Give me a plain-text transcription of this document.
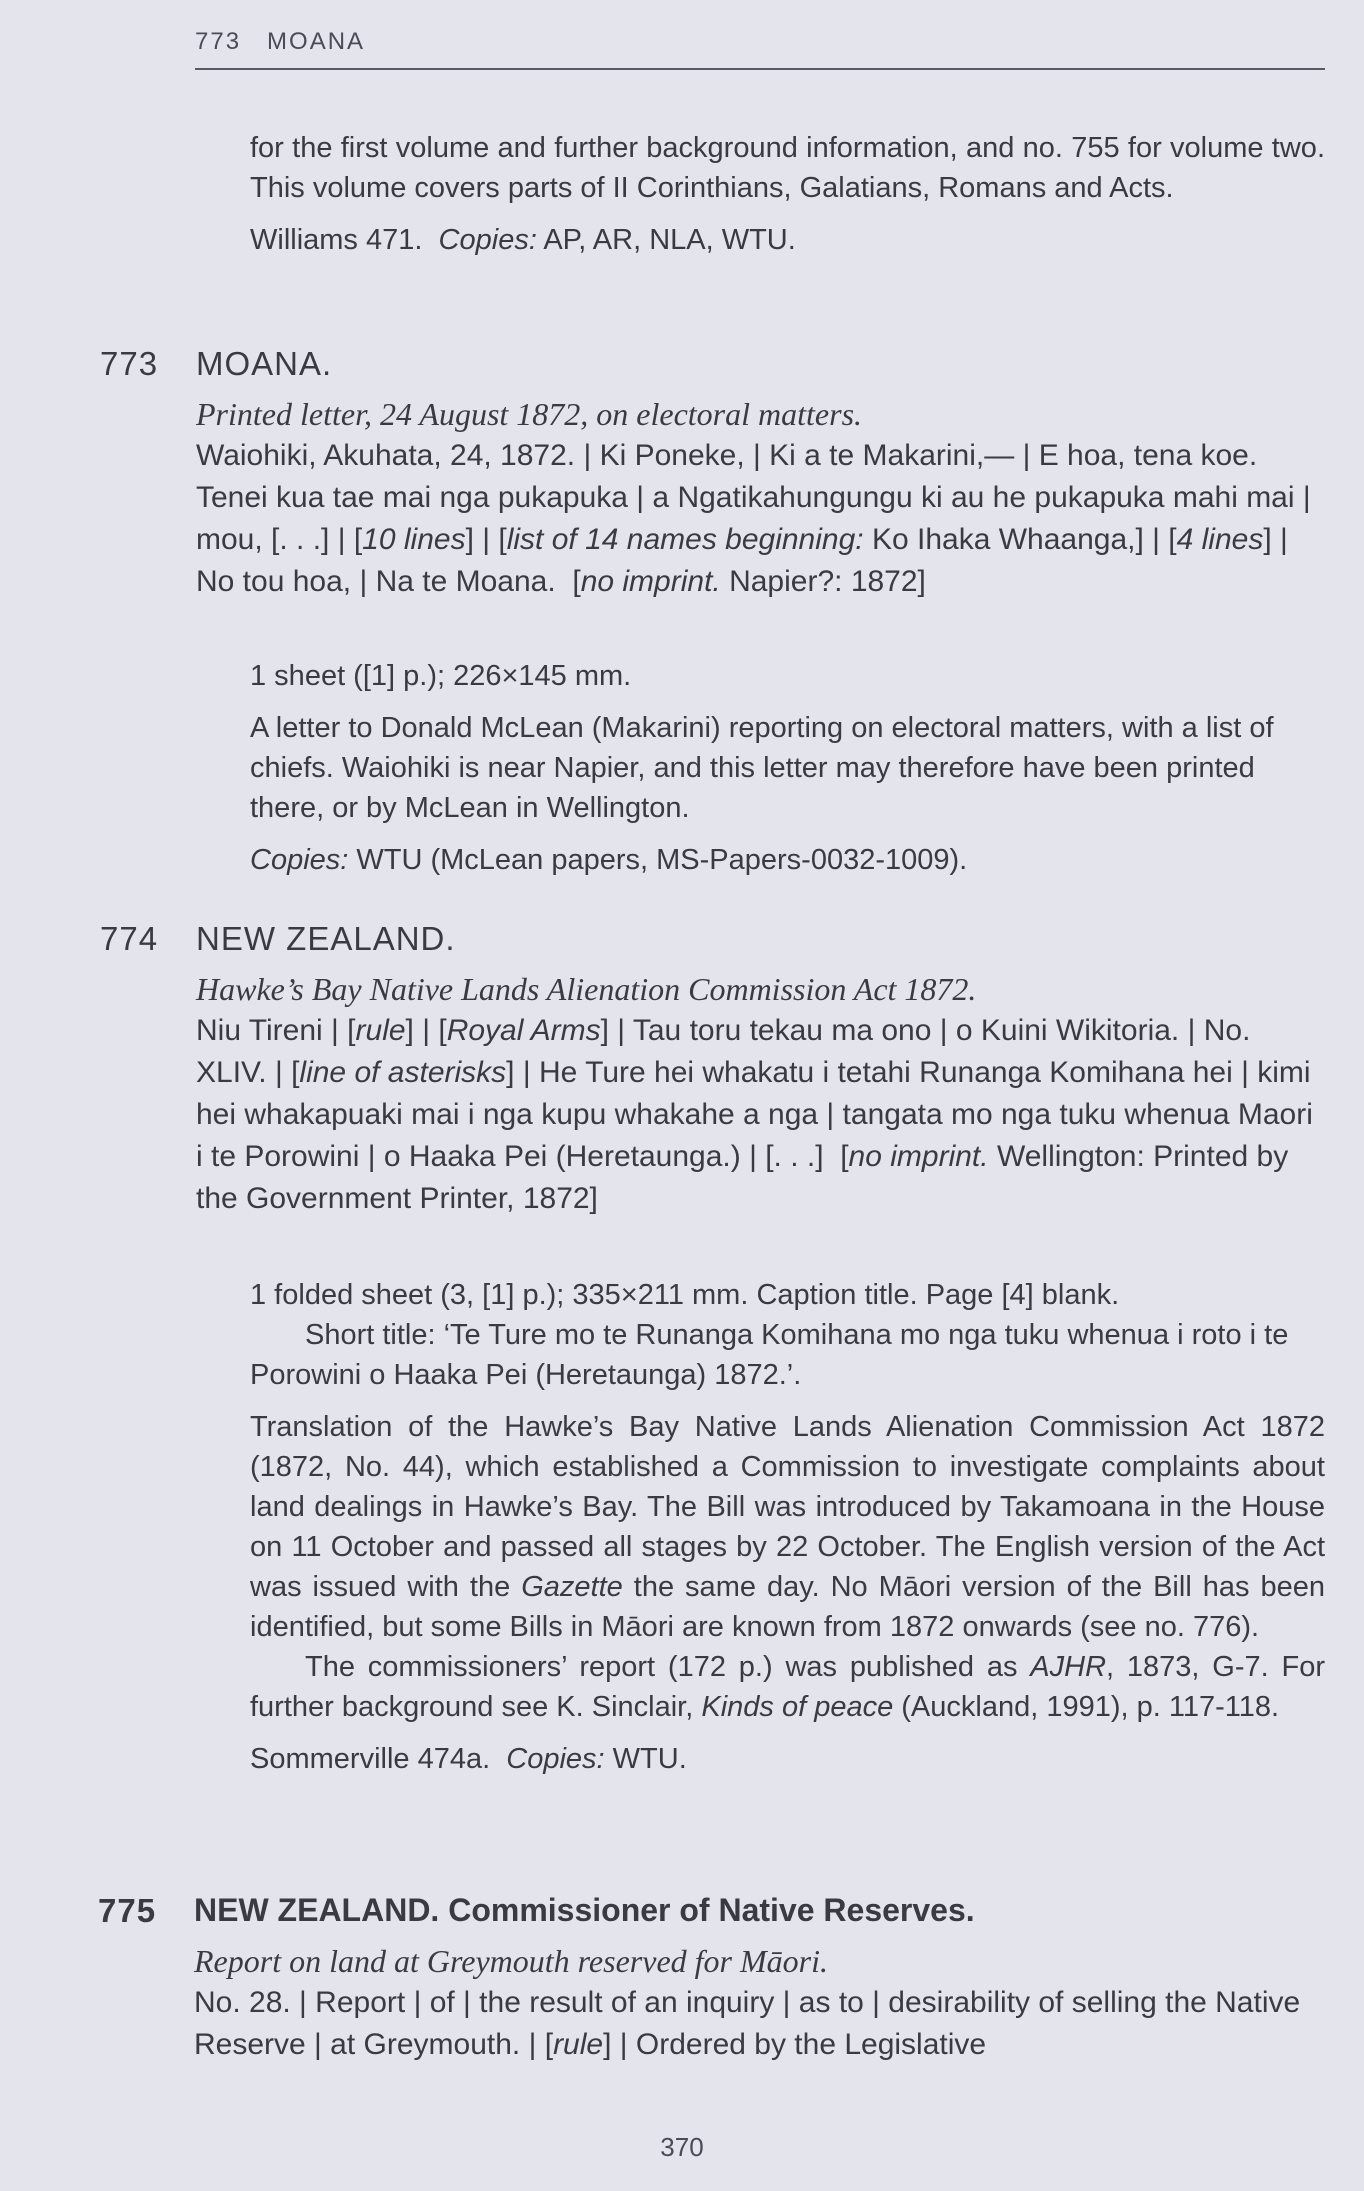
773   MOANA

for the first volume and further background information, and no. 755 for volume two. This volume covers parts of II Corinthians, Galatians, Romans and Acts.

Williams 471.  Copies: AP, AR, NLA, WTU.

773 MOANA.

Printed letter, 24 August 1872, on electoral matters.

Waiohiki, Akuhata, 24, 1872. | Ki Poneke, | Ki a te Makarini,— | E hoa, tena koe. Tenei kua tae mai nga pukapuka | a Ngatikahungungu ki au he pukapuka mahi mai | mou, [. . .] | [10 lines] | [list of 14 names beginning: Ko Ihaka Whaanga,] | [4 lines] | No tou hoa, | Na te Moana.  [no imprint. Napier?: 1872]

1 sheet ([1] p.); 226×145 mm.

A letter to Donald McLean (Makarini) reporting on electoral matters, with a list of chiefs. Waiohiki is near Napier, and this letter may therefore have been printed there, or by McLean in Wellington.

Copies: WTU (McLean papers, MS-Papers-0032-1009).

774 NEW ZEALAND.

Hawke’s Bay Native Lands Alienation Commission Act 1872.

Niu Tireni | [rule] | [Royal Arms] | Tau toru tekau ma ono | o Kuini Wikitoria. | No. XLIV. | [line of asterisks] | He Ture hei whakatu i tetahi Runanga Komihana hei | kimi hei whakapuaki mai i nga kupu whakahe a nga | tangata mo nga tuku whenua Maori i te Porowini | o Haaka Pei (Heretaunga.) | [. . .]  [no imprint. Wellington: Printed by the Government Printer, 1872]

1 folded sheet (3, [1] p.); 335×211 mm. Caption title. Page [4] blank.

Short title: ‘Te Ture mo te Runanga Komihana mo nga tuku whenua i roto i te Porowini o Haaka Pei (Heretaunga) 1872.’.

Translation of the Hawke’s Bay Native Lands Alienation Commission Act 1872 (1872, No. 44), which established a Commission to investigate complaints about land dealings in Hawke’s Bay. The Bill was introduced by Takamoana in the House on 11 October and passed all stages by 22 October. The English version of the Act was issued with the Gazette the same day. No Māori version of the Bill has been identified, but some Bills in Māori are known from 1872 onwards (see no. 776).

The commissioners’ report (172 p.) was published as AJHR, 1873, G-7. For further background see K. Sinclair, Kinds of peace (Auckland, 1991), p. 117-118.

Sommerville 474a.  Copies: WTU.

775 NEW ZEALAND. Commissioner of Native Reserves.

Report on land at Greymouth reserved for Māori.

No. 28. | Report | of | the result of an inquiry | as to | desirability of selling the Native Reserve | at Greymouth. | [rule] | Ordered by the Legislative

370
